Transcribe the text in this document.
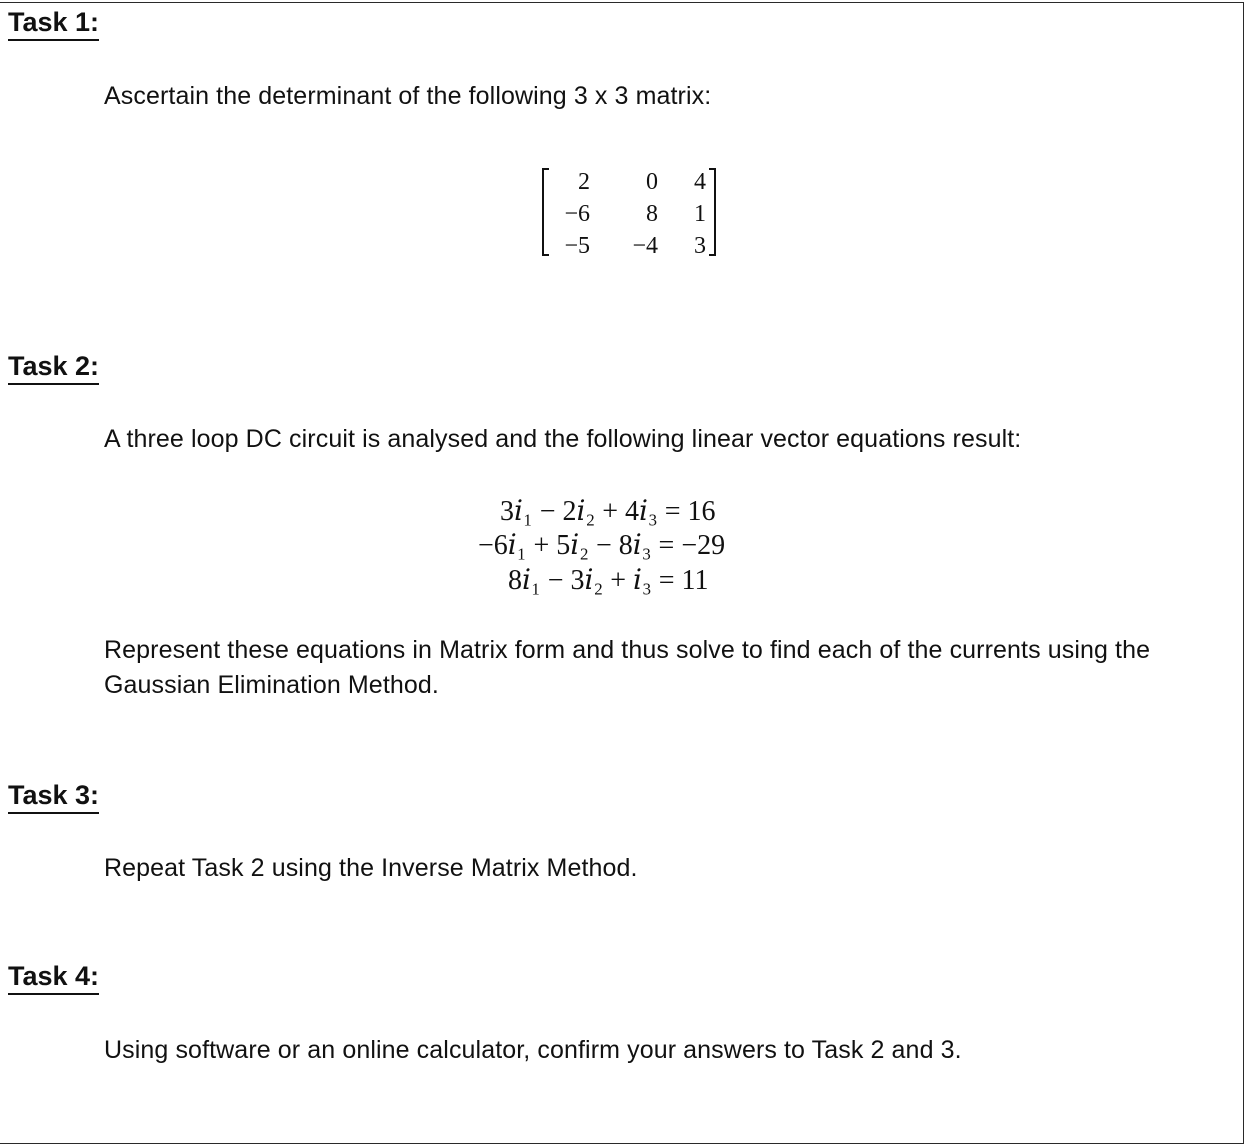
Task 1:

Ascertain the determinant of the following 3 x 3 matrix:

2	0	4
−6	8	1
−5	−4	3
Task 2:

A three loop DC circuit is analysed and the following linear vector equations result:

3𝑖₁ − 2𝑖₂ + 4𝑖₃ = 16

−6𝑖₁ + 5𝑖₂ − 8𝑖₃ = −29

8𝑖₁ − 3𝑖₂ + 𝑖₃ = 11

Represent these equations in Matrix form and thus solve to find each of the currents using the

Gaussian Elimination Method.

Task 3:

Repeat Task 2 using the Inverse Matrix Method.

Task 4:

Using software or an online calculator, confirm your answers to Task 2 and 3.
